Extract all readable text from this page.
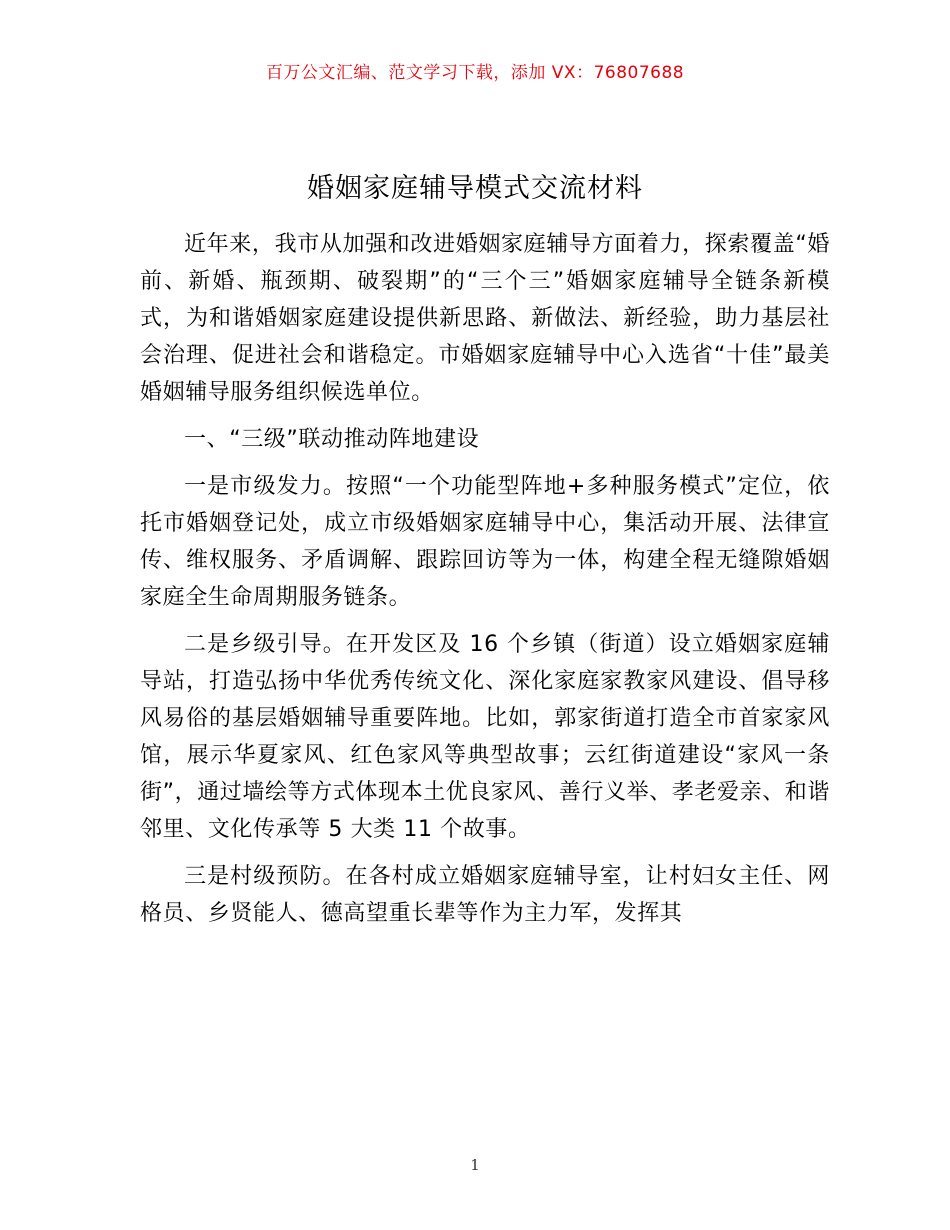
百万公文汇编、范文学习下载，添加 VX：76807688
婚姻家庭辅导模式交流材料

近年来，我市从加强和改进婚姻家庭辅导方面着力，探索覆盖“婚前、新婚、瓶颈期、破裂期”的“三个三”婚姻家庭辅导全链条新模式，为和谐婚姻家庭建设提供新思路、新做法、新经验，助力基层社会治理、促进社会和谐稳定。市婚姻家庭辅导中心入选省“十佳”最美婚姻辅导服务组织候选单位。

一、“三级”联动推动阵地建设

一是市级发力。按照“一个功能型阵地+多种服务模式”定位，依托市婚姻登记处，成立市级婚姻家庭辅导中心，集活动开展、法律宣传、维权服务、矛盾调解、跟踪回访等为一体，构建全程无缝隙婚姻家庭全生命周期服务链条。

二是乡级引导。在开发区及 16 个乡镇（街道）设立婚姻家庭辅导站，打造弘扬中华优秀传统文化、深化家庭家教家风建设、倡导移风易俗的基层婚姻辅导重要阵地。比如，郭家街道打造全市首家家风馆，展示华夏家风、红色家风等典型故事；云红街道建设“家风一条街”，通过墙绘等方式体现本土优良家风、善行义举、孝老爱亲、和谐邻里、文化传承等 5 大类 11 个故事。

三是村级预防。在各村成立婚姻家庭辅导室，让村妇女主任、网格员、乡贤能人、德高望重长辈等作为主力军，发挥其

1
